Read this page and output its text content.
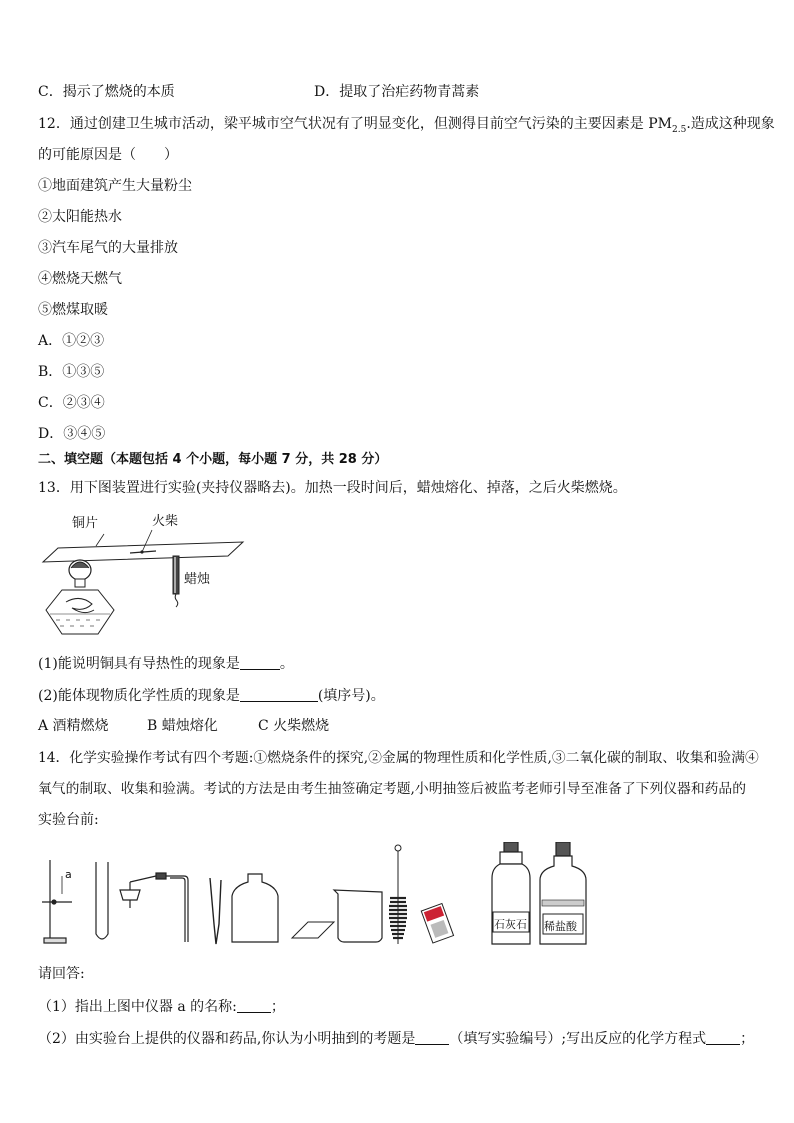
C．揭示了燃烧的本质	D．提取了治疟药物青蒿素
12．通过创建卫生城市活动，梁平城市空气状况有了明显变化，但测得目前空气污染的主要因素是 $PM_{2.5}$.造成这种现象
的可能原因是（　　）
①地面建筑产生大量粉尘
②太阳能热水
③汽车尾气的大量排放
④燃烧天燃气
⑤燃煤取暖
A．①②③
B．①③⑤
C．②③④
D．③④⑤
二、填空题（本题包括 4 个小题，每小题 7 分，共 28 分）
13．用下图装置进行实验(夹持仪器略去)。加热一段时间后，蜡烛熔化、掉落，之后火柴燃烧。
铜片	火柴
蜡烛
(1)能说明铜具有导热性的现象是	。
(2)能体现物质化学性质的现象是	(填序号)。
A 酒精燃烧	B 蜡烛熔化	C 火柴燃烧
14．化学实验操作考试有四个考题:①燃烧条件的探究,②金属的物理性质和化学性质,③二氧化碳的制取、收集和验满④
氧气的制取、收集和验满。考试的方法是由考生抽签确定考题,小明抽签后被监考老师引导至准备了下列仪器和药品的
实验台前:
a
石灰石 稀盐酸
请回答:
（1）指出上图中仪器 a 的名称: ；
（2）由实验台上提供的仪器和药品,你认为小明抽到的考题是 （填写实验编号）;写出反应的化学方程式 ；
